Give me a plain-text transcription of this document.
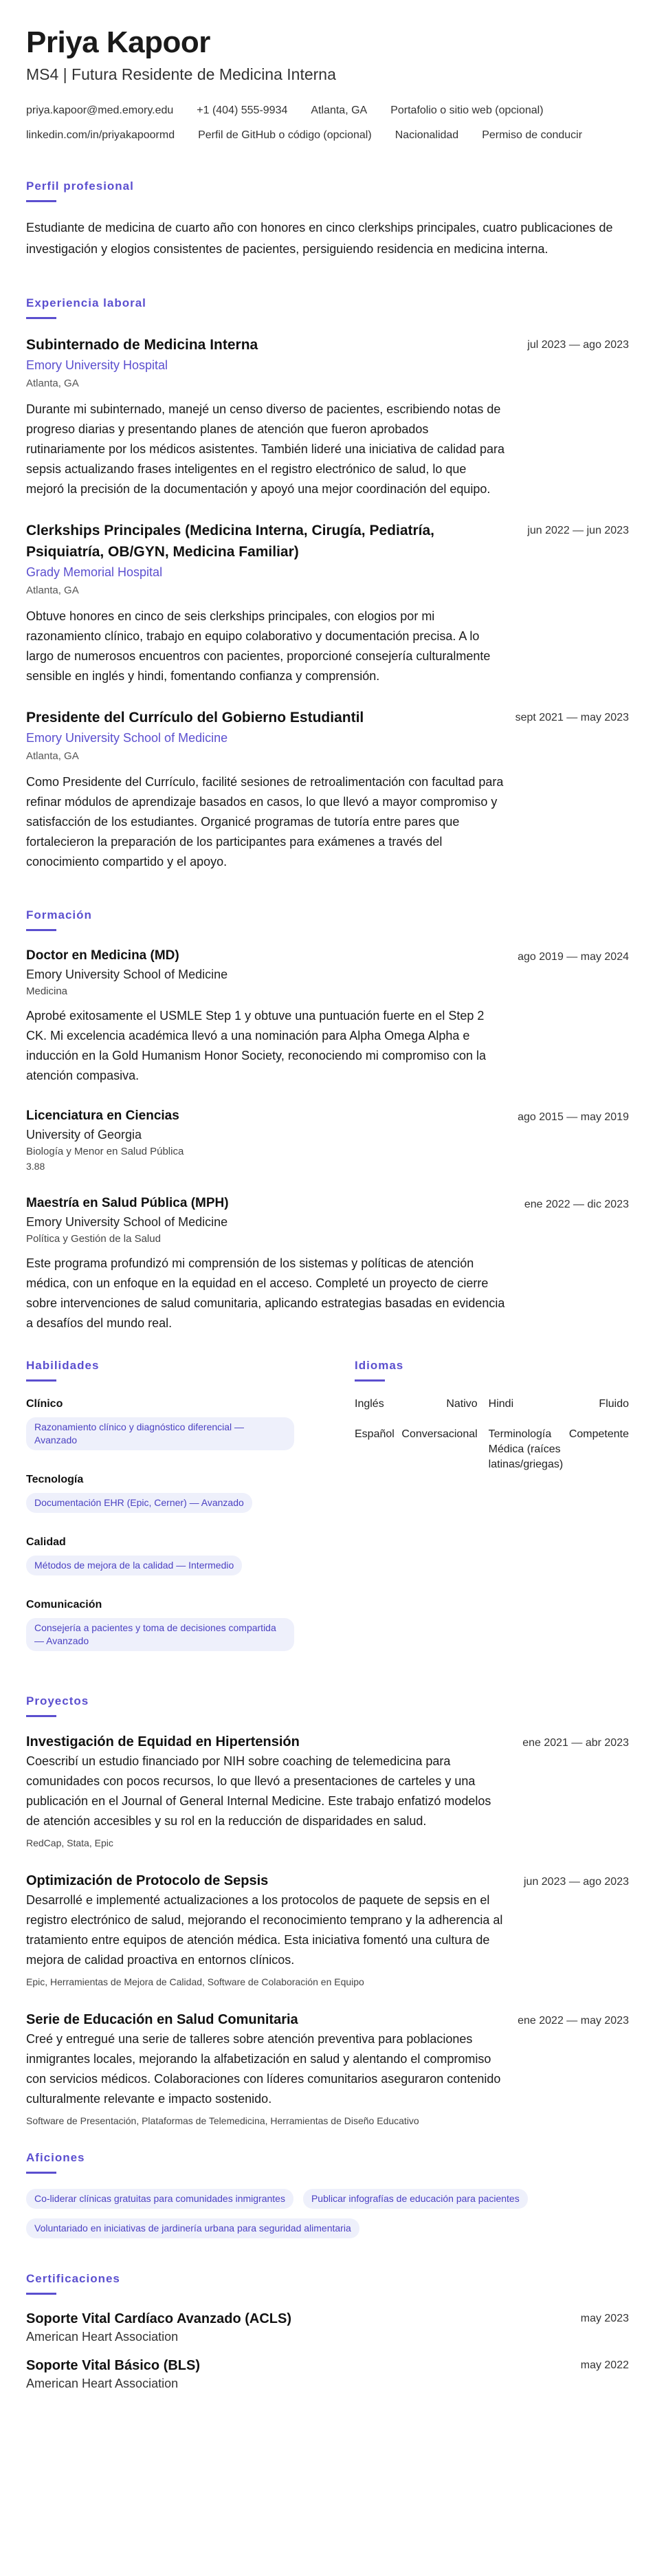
Priya Kapoor
MS4 | Futura Residente de Medicina Interna
priya.kapoor@med.emory.edu +1 (404) 555-9934 Atlanta, GA Portafolio o sitio web (opcional)
linkedin.com/in/priyakapoormd Perfil de GitHub o código (opcional) Nacionalidad Permiso de conducir
Perfil profesional

Estudiante de medicina de cuarto año con honores en cinco clerkships principales, cuatro publicaciones de investigación y elogios consistentes de pacientes, persiguiendo residencia en medicina interna.

Experiencia laboral
Subinternado de Medicina Interna
Emory University Hospital
Atlanta, GA
jul 2023 — ago 2023
Durante mi subinternado, manejé un censo diverso de pacientes, escribiendo notas de progreso diarias y presentando planes de atención que fueron aprobados rutinariamente por los médicos asistentes. También lideré una iniciativa de calidad para sepsis actualizando frases inteligentes en el registro electrónico de salud, lo que mejoró la precisión de la documentación y apoyó una mejor coordinación del equipo.
Clerkships Principales (Medicina Interna, Cirugía, Pediatría, Psiquiatría, OB/GYN, Medicina Familiar)
Grady Memorial Hospital
Atlanta, GA
jun 2022 — jun 2023
Obtuve honores en cinco de seis clerkships principales, con elogios por mi razonamiento clínico, trabajo en equipo colaborativo y documentación precisa. A lo largo de numerosos encuentros con pacientes, proporcioné consejería culturalmente sensible en inglés y hindi, fomentando confianza y comprensión.
Presidente del Currículo del Gobierno Estudiantil
Emory University School of Medicine
Atlanta, GA
sept 2021 — may 2023
Como Presidente del Currículo, facilité sesiones de retroalimentación con facultad para refinar módulos de aprendizaje basados en casos, lo que llevó a mayor compromiso y satisfacción de los estudiantes. Organicé programas de tutoría entre pares que fortalecieron la preparación de los participantes para exámenes a través del conocimiento compartido y el apoyo.
Formación
Doctor en Medicina (MD)
Emory University School of Medicine
Medicina
ago 2019 — may 2024
Aprobé exitosamente el USMLE Step 1 y obtuve una puntuación fuerte en el Step 2 CK. Mi excelencia académica llevó a una nominación para Alpha Omega Alpha e inducción en la Gold Humanism Honor Society, reconociendo mi compromiso con la atención compasiva.
Licenciatura en Ciencias
University of Georgia
Biología y Menor en Salud Pública
3.88
ago 2015 — may 2019
Maestría en Salud Pública (MPH)
Emory University School of Medicine
Política y Gestión de la Salud
ene 2022 — dic 2023
Este programa profundizó mi comprensión de los sistemas y políticas de atención médica, con un enfoque en la equidad en el acceso. Completé un proyecto de cierre sobre intervenciones de salud comunitaria, aplicando estrategias basadas en evidencia a desafíos del mundo real.
Habilidades
Clínico
Razonamiento clínico y diagnóstico diferencial — Avanzado
Tecnología
Documentación EHR (Epic, Cerner) — Avanzado
Calidad
Métodos de mejora de la calidad — Intermedio
Comunicación
Consejería a pacientes y toma de decisiones compartida — Avanzado
Idiomas
Inglés	Nativo	Hindi	Fluido
Español	Conversacional	Terminología Médica (raíces latinas/griegas)	Competente
Proyectos
Investigación de Equidad en Hipertensión
Coescribí un estudio financiado por NIH sobre coaching de telemedicina para comunidades con pocos recursos, lo que llevó a presentaciones de carteles y una publicación en el Journal of General Internal Medicine. Este trabajo enfatizó modelos de atención accesibles y su rol en la reducción de disparidades en salud.
RedCap, Stata, Epic
ene 2021 — abr 2023
Optimización de Protocolo de Sepsis
Desarrollé e implementé actualizaciones a los protocolos de paquete de sepsis en el registro electrónico de salud, mejorando el reconocimiento temprano y la adherencia al tratamiento entre equipos de atención médica. Esta iniciativa fomentó una cultura de mejora de calidad proactiva en entornos clínicos.
Epic, Herramientas de Mejora de Calidad, Software de Colaboración en Equipo
jun 2023 — ago 2023
Serie de Educación en Salud Comunitaria
Creé y entregué una serie de talleres sobre atención preventiva para poblaciones inmigrantes locales, mejorando la alfabetización en salud y alentando el compromiso con servicios médicos. Colaboraciones con líderes comunitarios aseguraron contenido culturalmente relevante e impacto sostenido.
Software de Presentación, Plataformas de Telemedicina, Herramientas de Diseño Educativo
ene 2022 — may 2023
Aficiones
Co-liderar clínicas gratuitas para comunidades inmigrantes	Publicar infografías de educación para pacientes
Voluntariado en iniciativas de jardinería urbana para seguridad alimentaria
Certificaciones
Soporte Vital Cardíaco Avanzado (ACLS)
American Heart Association
may 2023
Soporte Vital Básico (BLS)
American Heart Association
may 2022
